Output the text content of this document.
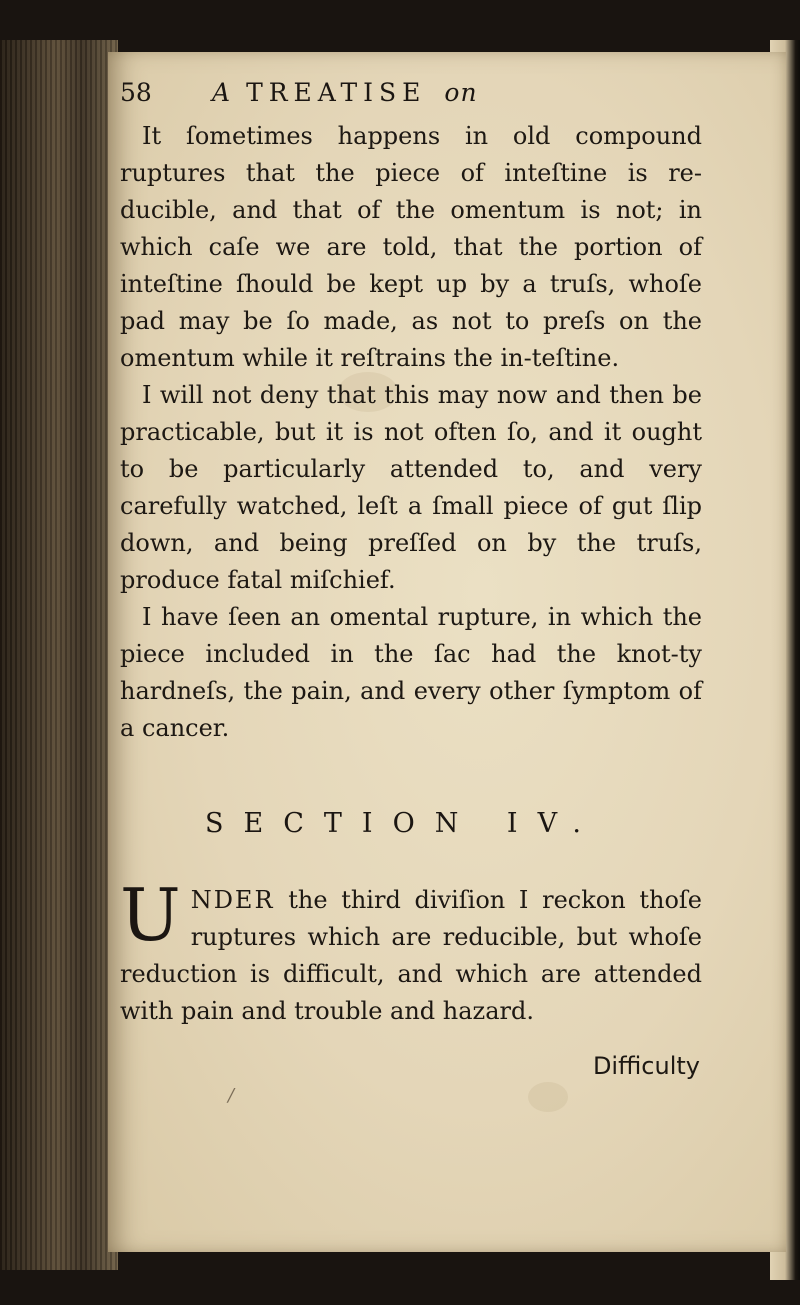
58 A TREATISE on

It ſometimes happens in old compound ruptures that the piece of inteſtine is re-ducible, and that of the omentum is not; in which caſe we are told, that the portion of inteſtine ſhould be kept up by a truſs, whoſe pad may be ſo made, as not to preſs on the omentum while it reſtrains the in-teſtine.

I will not deny that this may now and then be practicable, but it is not often ſo, and it ought to be particularly attended to, and very carefully watched, leſt a ſmall piece of gut ſlip down, and being preſſed on by the truſs, produce fatal miſchief.

I have ſeen an omental rupture, in which the piece included in the ſac had the knot-ty hardneſs, the pain, and every other ſymptom of a cancer.

SECTION IV.
UNDER the third diviſion I reckon thoſe ruptures which are reducible, but whoſe reduction is difficult, and which are attended with pain and trouble and hazard.
Difficulty
/
